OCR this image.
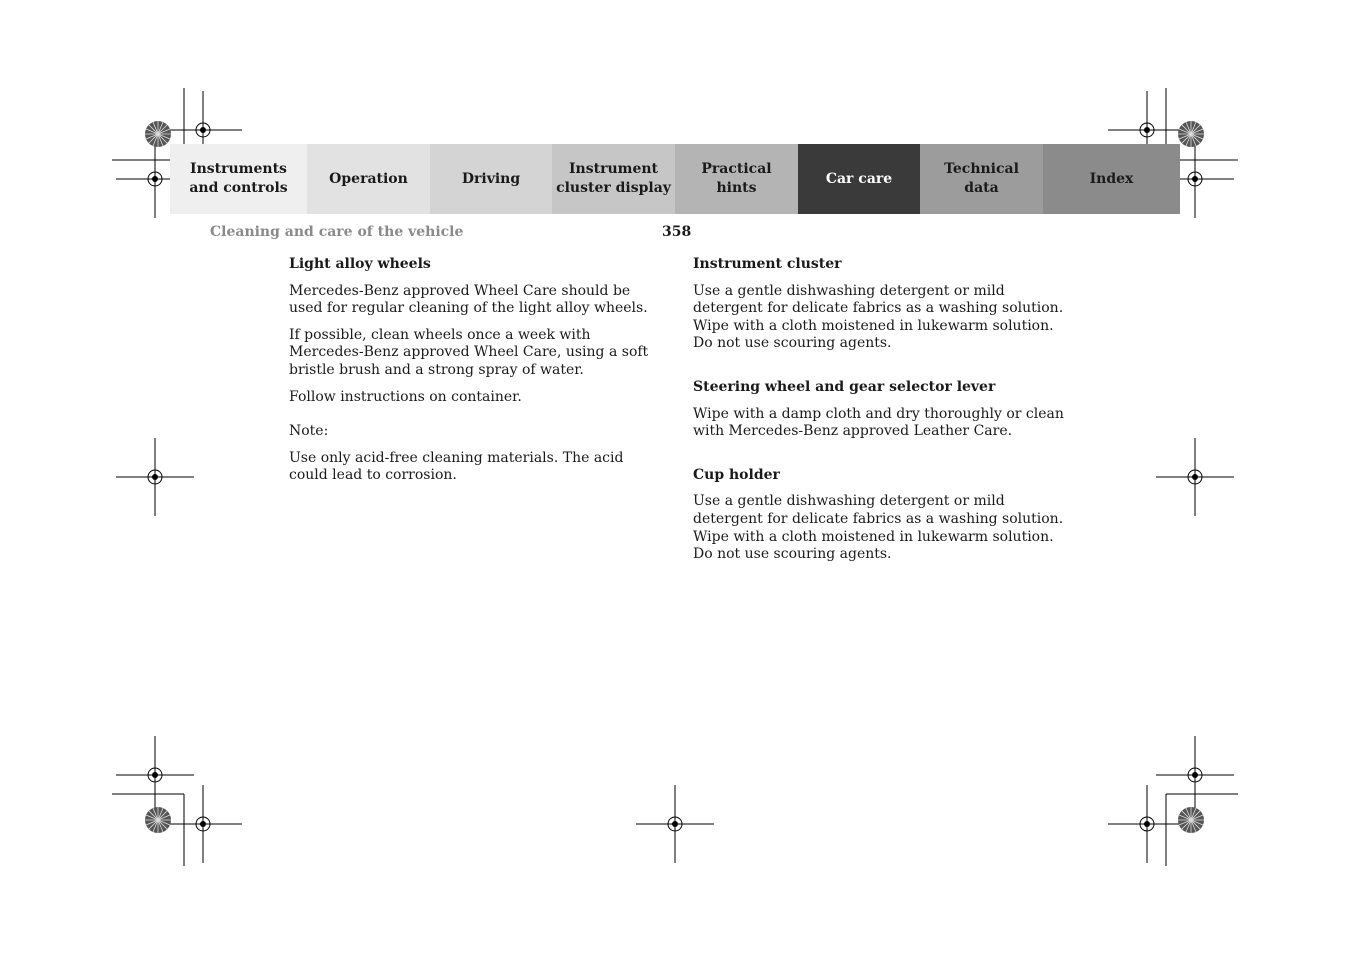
Instruments
and controls
Operation	Driving
Instrument
cluster display
Practical hints
Car care
Technical
data
Index
Cleaning and care of the vehicle	358
Light alloy wheels

Mercedes-Benz approved Wheel Care should be used for regular cleaning of the light alloy wheels.

If possible, clean wheels once a week with Mercedes-Benz approved Wheel Care, using a soft bristle brush and a strong spray of water.

Follow instructions on container.

Note:

Use only acid-free cleaning materials. The acid could lead to corrosion.

Instrument cluster

Use a gentle dishwashing detergent or mild detergent for delicate fabrics as a washing solution. Wipe with a cloth moistened in lukewarm solution. Do not use scouring agents.

Steering wheel and gear selector lever

Wipe with a damp cloth and dry thoroughly or clean with Mercedes-Benz approved Leather Care.

Cup holder

Use a gentle dishwashing detergent or mild detergent for delicate fabrics as a washing solution. Wipe with a cloth moistened in lukewarm solution. Do not use scouring agents.
